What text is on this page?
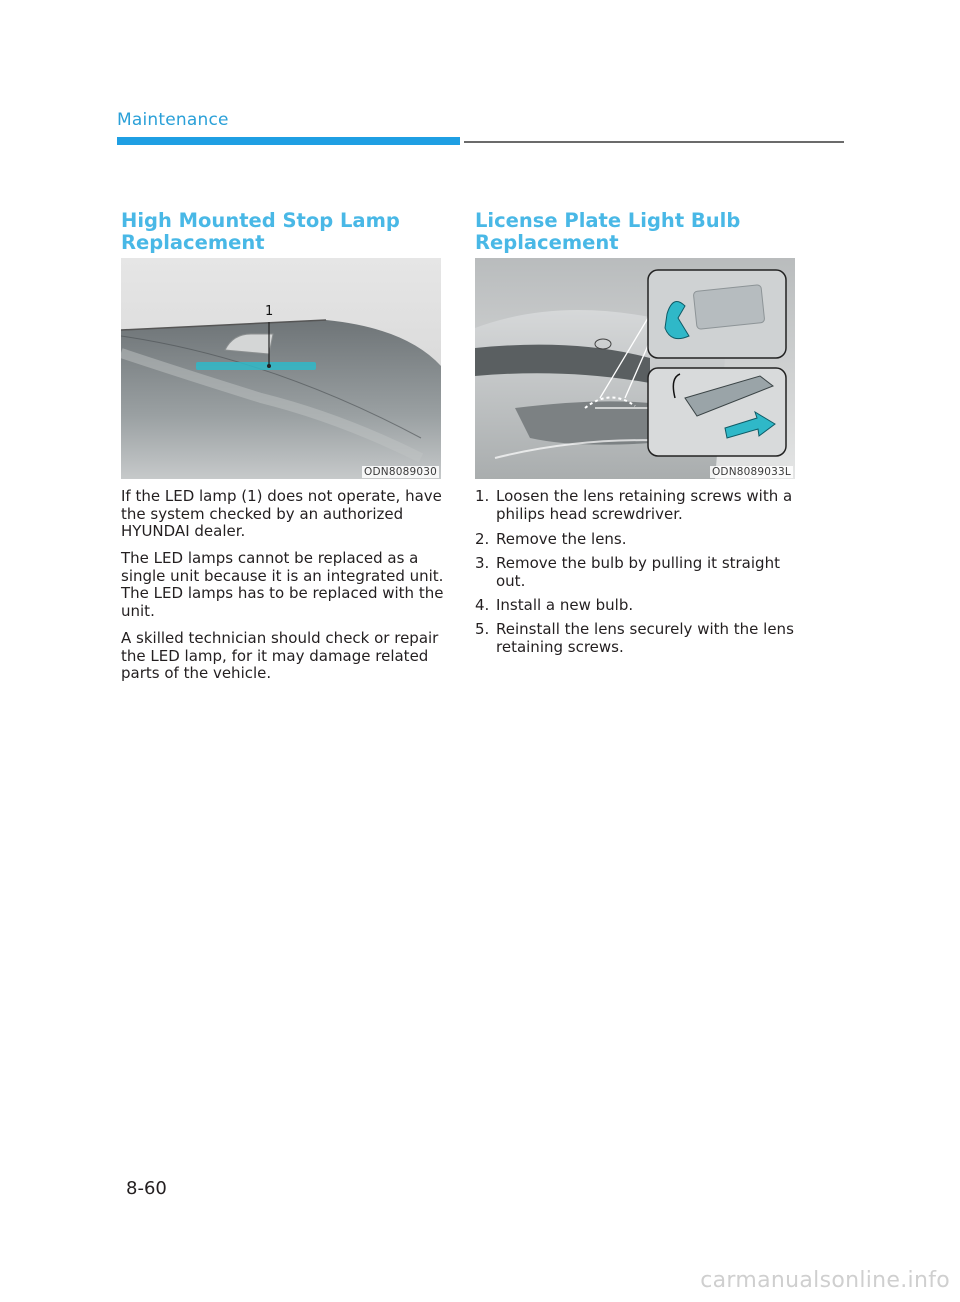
Maintenance
High Mounted Stop Lamp
Replacement
1
ODN8089030

If the LED lamp (1) does not operate, have the system checked by an authorized HYUNDAI dealer.

The LED lamps cannot be replaced as a single unit because it is an integrated unit. The LED lamps has to be replaced with the unit.

A skilled technician should check or repair the LED lamp, for it may damage related parts of the vehicle.

License Plate Light Bulb
Replacement
ODN8089033L
1. Loosen the lens retaining screws with a philips head screwdriver.
2. Remove the lens.
3. Remove the bulb by pulling it straight out.
4. Install a new bulb.
5. Reinstall the lens securely with the lens retaining screws.
8-60
carmanualsonline.info
